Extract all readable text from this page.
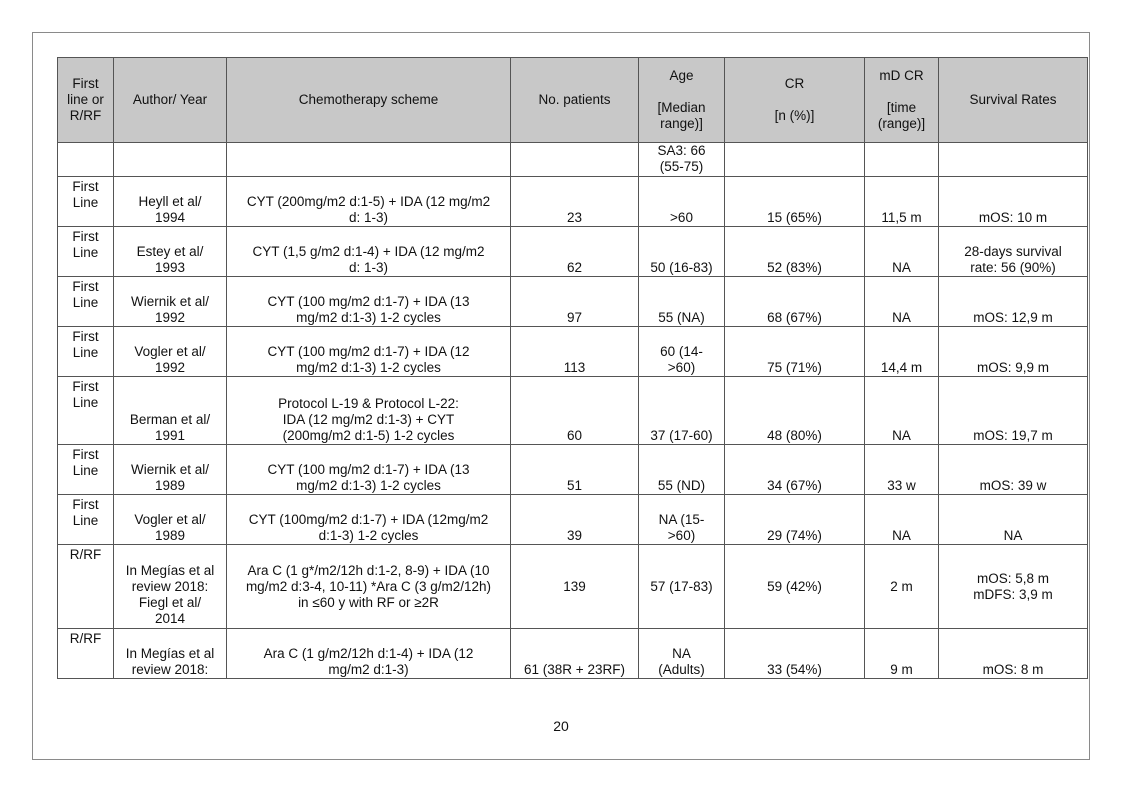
First
line or
R/RF	Author/ Year	Chemotherapy scheme	No. patients	Age
[Median
range)]	CR
[n (%)]	mD CR
[time
(range)]	Survival Rates

				SA3: 66
(55-75)			

First
Line	Heyll et al/
1994	CYT (200mg/m2 d:1-5) + IDA (12 mg/m2
d: 1-3)	23	>60	15 (65%)	11,5 m	mOS: 10 m

First
Line	Estey et al/
1993	CYT (1,5 g/m2 d:1-4) + IDA (12 mg/m2
d: 1-3)	62	50 (16-83)	52 (83%)	NA	28-days survival
rate: 56 (90%)

First
Line	Wiernik et al/
1992	CYT (100 mg/m2 d:1-7) + IDA (13
mg/m2 d:1-3) 1-2 cycles	97	55 (NA)	68 (67%)	NA	mOS: 12,9 m

First
Line	Vogler et al/
1992	CYT (100 mg/m2 d:1-7) + IDA (12
mg/m2 d:1-3) 1-2 cycles	113	60 (14-
>60)	75 (71%)	14,4 m	mOS: 9,9 m

First
Line	Berman et al/
1991	Protocol L-19 & Protocol L-22:
IDA (12 mg/m2 d:1-3) + CYT
(200mg/m2 d:1-5) 1-2 cycles	60	37 (17-60)	48 (80%)	NA	mOS: 19,7 m

First
Line	Wiernik et al/
1989	CYT (100 mg/m2 d:1-7) + IDA (13
mg/m2 d:1-3) 1-2 cycles	51	55 (ND)	34 (67%)	33 w	mOS: 39 w

First
Line	Vogler et al/
1989	CYT (100mg/m2 d:1-7) + IDA (12mg/m2
d:1-3) 1-2 cycles	39	NA (15-
>60)	29 (74%)	NA	NA

R/RF	In Megías et al
review 2018:
Fiegl et al/
2014	Ara C (1 g*/m2/12h d:1-2, 8-9) + IDA (10
mg/m2 d:3-4, 10-11) *Ara C (3 g/m2/12h)
in ≤60 y with RF or ≥2R	139	57 (17-83)	59 (42%)	2 m	mOS: 5,8 m
mDFS: 3,9 m

R/RF	In Megías et al
review 2018:	Ara C (1 g/m2/12h d:1-4) + IDA (12
mg/m2 d:1-3)	61 (38R + 23RF)	NA
(Adults)	33 (54%)	9 m	mOS: 8 m
20
